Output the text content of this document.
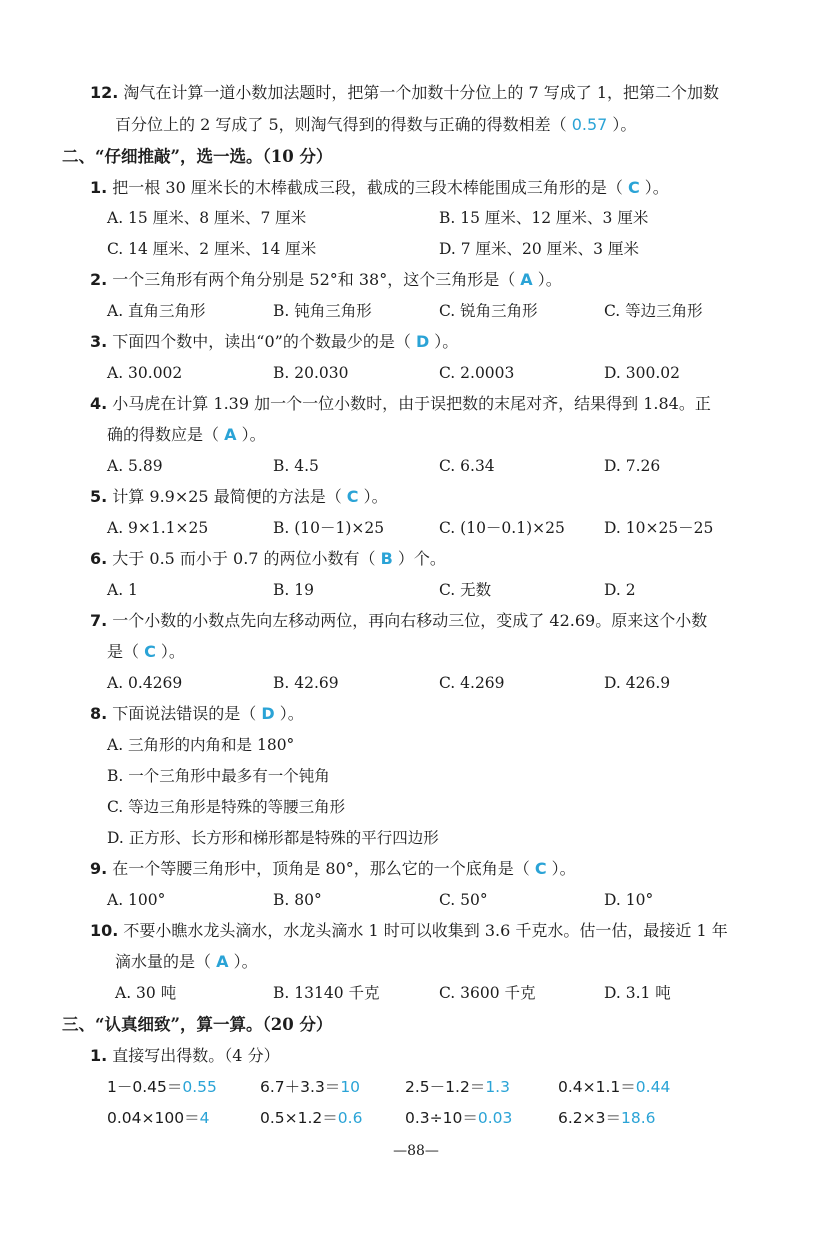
12. 淘气在计算一道小数加法题时，把第一个加数十分位上的 7 写成了 1，把第二个加数
百分位上的 2 写成了 5，则淘气得到的得数与正确的得数相差（ 0.57 ）。
二、“仔细推敲”，选一选。（10 分）
1. 把一根 30 厘米长的木棒截成三段，截成的三段木棒能围成三角形的是（ C ）。
A. 15 厘米、8 厘米、7 厘米	B. 15 厘米、12 厘米、3 厘米
C. 14 厘米、2 厘米、14 厘米	D. 7 厘米、20 厘米、3 厘米
2. 一个三角形有两个角分别是 52°和 38°，这个三角形是（ A ）。
A. 直角三角形	B. 钝角三角形	C. 锐角三角形	C. 等边三角形
3. 下面四个数中，读出“0”的个数最少的是（ D ）。
A. 30.002	B. 20.030	C. 2.0003	D. 300.02
4. 小马虎在计算 1.39 加一个一位小数时，由于误把数的末尾对齐，结果得到 1.84。正
确的得数应是（ A ）。
A. 5.89	B. 4.5	C. 6.34	D. 7.26
5. 计算 9.9×25 最简便的方法是（ C ）。
A. 9×1.1×25	B. (10－1)×25	C. (10－0.1)×25	D. 10×25－25
6. 大于 0.5 而小于 0.7 的两位小数有（ B ）个。
A. 1	B. 19	C. 无数	D. 2
7. 一个小数的小数点先向左移动两位，再向右移动三位，变成了 42.69。原来这个小数
是（ C ）。
A. 0.4269	B. 42.69	C. 4.269	D. 426.9
8. 下面说法错误的是（ D ）。
A. 三角形的内角和是 180°
B. 一个三角形中最多有一个钝角
C. 等边三角形是特殊的等腰三角形
D. 正方形、长方形和梯形都是特殊的平行四边形
9. 在一个等腰三角形中，顶角是 80°，那么它的一个底角是（ C ）。
A. 100°	B. 80°	C. 50°	D. 10°
10. 不要小瞧水龙头滴水，水龙头滴水 1 时可以收集到 3.6 千克水。估一估，最接近 1 年
滴水量的是（ A ）。
A. 30 吨	B. 13140 千克	C. 3600 千克	D. 3.1 吨
三、“认真细致”，算一算。（20 分）
1. 直接写出得数。（4 分）
1－0.45＝0.55	6.7＋3.3＝10	2.5－1.2＝1.3	0.4×1.1＝0.44
0.04×100＝4	0.5×1.2＝0.6	0.3÷10＝0.03	6.2×3＝18.6
—88—
